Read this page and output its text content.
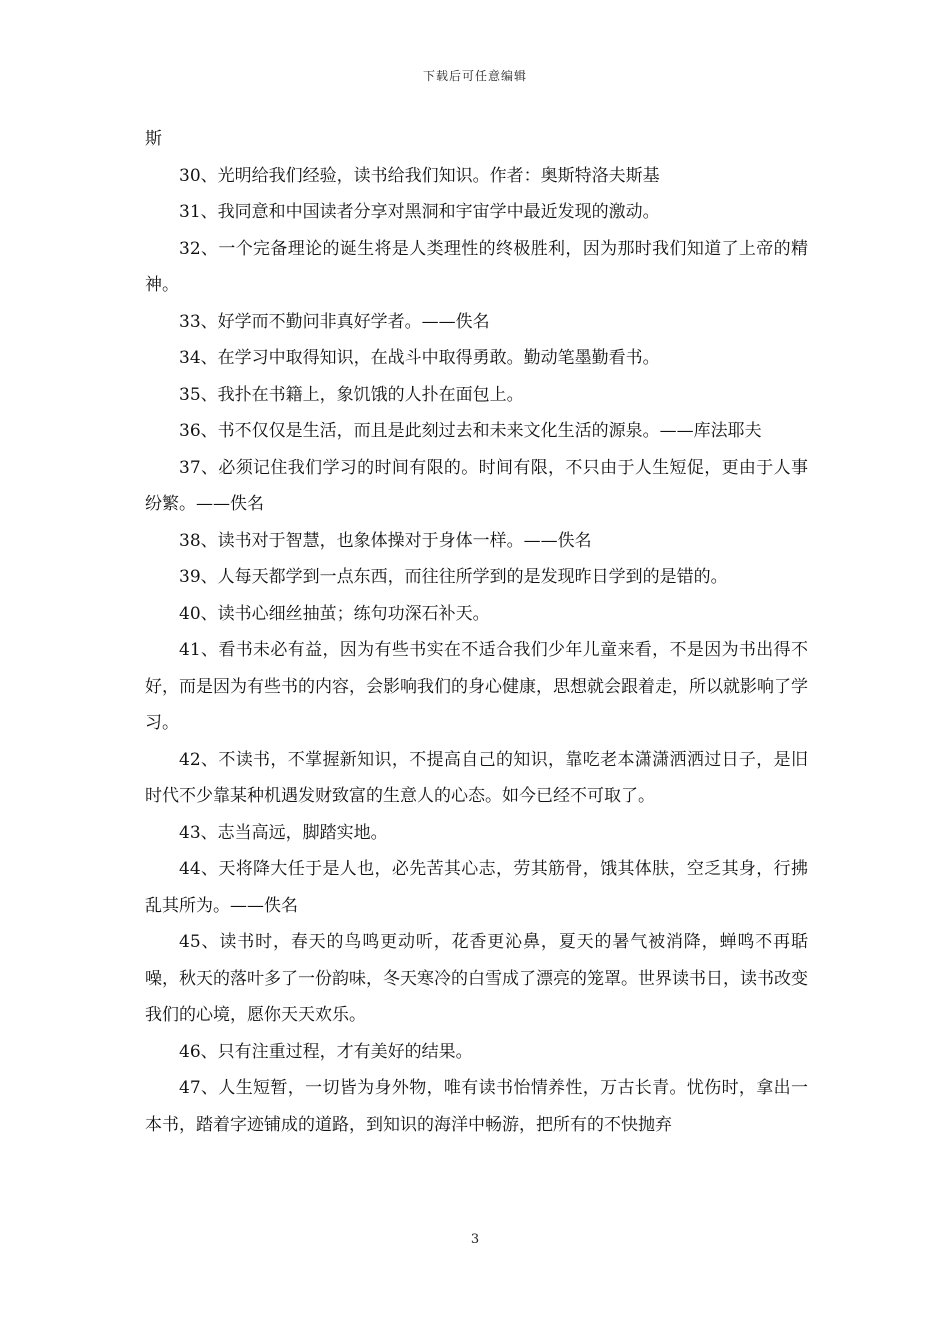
下载后可任意编辑

斯

30、光明给我们经验，读书给我们知识。作者：奥斯特洛夫斯基

31、我同意和中国读者分享对黑洞和宇宙学中最近发现的激动。

32、一个完备理论的诞生将是人类理性的终极胜利，因为那时我们知道了上帝的精神。

33、好学而不勤问非真好学者。——佚名

34、在学习中取得知识，在战斗中取得勇敢。勤动笔墨勤看书。

35、我扑在书籍上，象饥饿的人扑在面包上。

36、书不仅仅是生活，而且是此刻过去和未来文化生活的源泉。——库法耶夫

37、必须记住我们学习的时间有限的。时间有限，不只由于人生短促，更由于人事纷繁。——佚名

38、读书对于智慧，也象体操对于身体一样。——佚名

39、人每天都学到一点东西，而往往所学到的是发现昨日学到的是错的。

40、读书心细丝抽茧；练句功深石补天。

41、看书未必有益，因为有些书实在不适合我们少年儿童来看，不是因为书出得不好，而是因为有些书的内容，会影响我们的身心健康，思想就会跟着走，所以就影响了学习。

42、不读书，不掌握新知识，不提高自己的知识，靠吃老本潇潇洒洒过日子，是旧时代不少靠某种机遇发财致富的生意人的心态。如今已经不可取了。

43、志当高远，脚踏实地。

44、天将降大任于是人也，必先苦其心志，劳其筋骨，饿其体肤，空乏其身，行拂乱其所为。——佚名

45、读书时，春天的鸟鸣更动听，花香更沁鼻，夏天的暑气被消降，蝉鸣不再聒噪，秋天的落叶多了一份韵味，冬天寒冷的白雪成了漂亮的笼罩。世界读书日，读书改变我们的心境，愿你天天欢乐。

46、只有注重过程，才有美好的结果。

47、人生短暂，一切皆为身外物，唯有读书怡情养性，万古长青。忧伤时，拿出一本书，踏着字迹铺成的道路，到知识的海洋中畅游，把所有的不快抛弃

3
